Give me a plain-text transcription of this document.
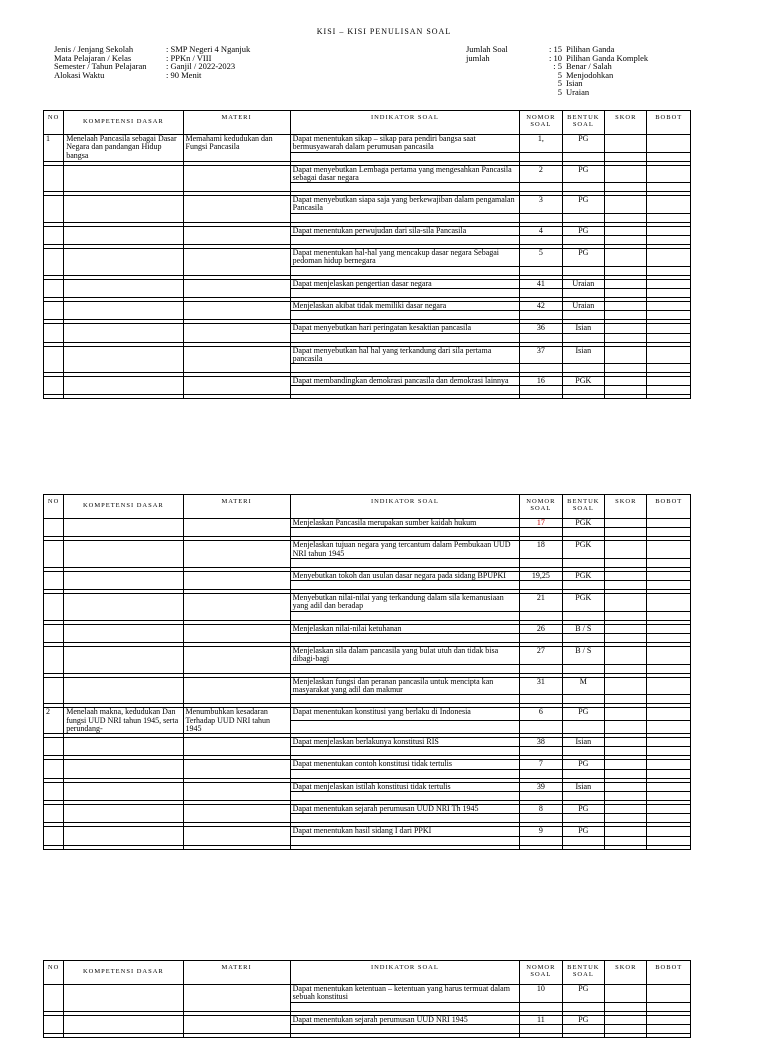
KISI – KISI PENULISAN SOAL
Jenis / Jenjang Sekolah	: SMP Negeri 4 Nganjuk
Mata Pelajaran / Kelas	: PPKn / VIII
Semester / Tahun Pelajaran	: Ganjil / 2022-2023
Alokasi Waktu	: 90 Menit
Jumlah Soal	: 15 Pilihan Ganda
jumlah	: 10 Pilihan Ganda Komplek
: 5 Benar / Salah
5 Menjodohkan
5 Isian
5 Uraian
NO	KOMPETENSI DASAR	MATERI	INDIKATOR SOAL	NOMOR SOAL	BENTUK SOAL	SKOR	BOBOT
1	Menelaah Pancasila sebagai Dasar Negara dan pandangan Hidup bangsa	Memahami kedudukan dan Fungsi Pancasila	Dapat menentukan sikap – sikap para pendiri bangsa saat bermusyawarah dalam perumusan pancasila	1,	PG		

			Dapat menyebutkan Lembaga pertama yang mengesahkan Pancasila sebagai dasar negara	2	PG		

			Dapat menyebutkan siapa saja yang berkewajiban dalam pengamalan Pancasila	3	PG		

			Dapat menentukan perwujudan dari sila-sila Pancasila	4	PG		

			Dapat menentukan hal-hal yang mencakup dasar negara Sebagai pedoman hidup bernegara	5	PG		

			Dapat menjelaskan pengertian dasar negara	41	Uraian		

			Menjelaskan akibat tidak memiliki dasar negara	42	Uraian		

			Dapat menyebutkan hari peringatan kesaktian pancasila	36	Isian		

			Dapat menyebutkan hal hal yang terkandung dari sila pertama pancasila	37	Isian		

			Dapat membandingkan demokrasi pancasila dan demokrasi lainnya	16	PGK		

NO	KOMPETENSI DASAR	MATERI	INDIKATOR SOAL	NOMOR SOAL	BENTUK SOAL	SKOR	BOBOT
			Menjelaskan Pancasila merupakan sumber kaidah hukum	17	PGK		

			Menjelaskan tujuan negara yang tercantum dalam Pembukaan UUD NRI tahun 1945	18	PGK		

			Menyebutkan tokoh dan usulan dasar negara pada sidang BPUPKI	19,25	PGK		

			Menyebutkan nilai-nilai yang terkandung dalam sila kemanusiaan yang adil dan beradap	21	PGK		

			Menjelaskan nilai-nilai ketuhanan	26	B / S		

			Menjelaskan sila dalam pancasila yang bulat utuh dan tidak bisa dibagi-bagi	27	B / S		

			Menjelaskan fungsi dan peranan pancasila untuk mencipta kan masyarakat yang adil dan makmur	31	M		

2	Menelaah makna, kedudukan Dan fungsi UUD NRI tahun 1945, serta perundang-	Menumbuhkan kesadaran Terhadap UUD NRI tahun 1945	Dapat menentukan konstitusi yang berlaku di Indonesia	6	PG		

			Dapat menjelaskan berlakunya konstitusi RIS	38	Isian		

			Dapat menentukan contoh konstitusi tidak tertulis	7	PG		

			Dapat menjelaskan istilah konstitusi tidak tertulis	39	Isian		

			Dapat menentukan sejarah perumusan UUD NRI Th 1945	8	PG		

			Dapat menentukan hasil sidang I dari PPKI	9	PG		

NO	KOMPETENSI DASAR	MATERI	INDIKATOR SOAL	NOMOR SOAL	BENTUK SOAL	SKOR	BOBOT
			Dapat menentukan ketentuan – ketentuan yang harus termuat dalam sebuah konstitusi	10	PG		

			Dapat menentukan sejarah perumusan UUD NRI 1945	11	PG		
